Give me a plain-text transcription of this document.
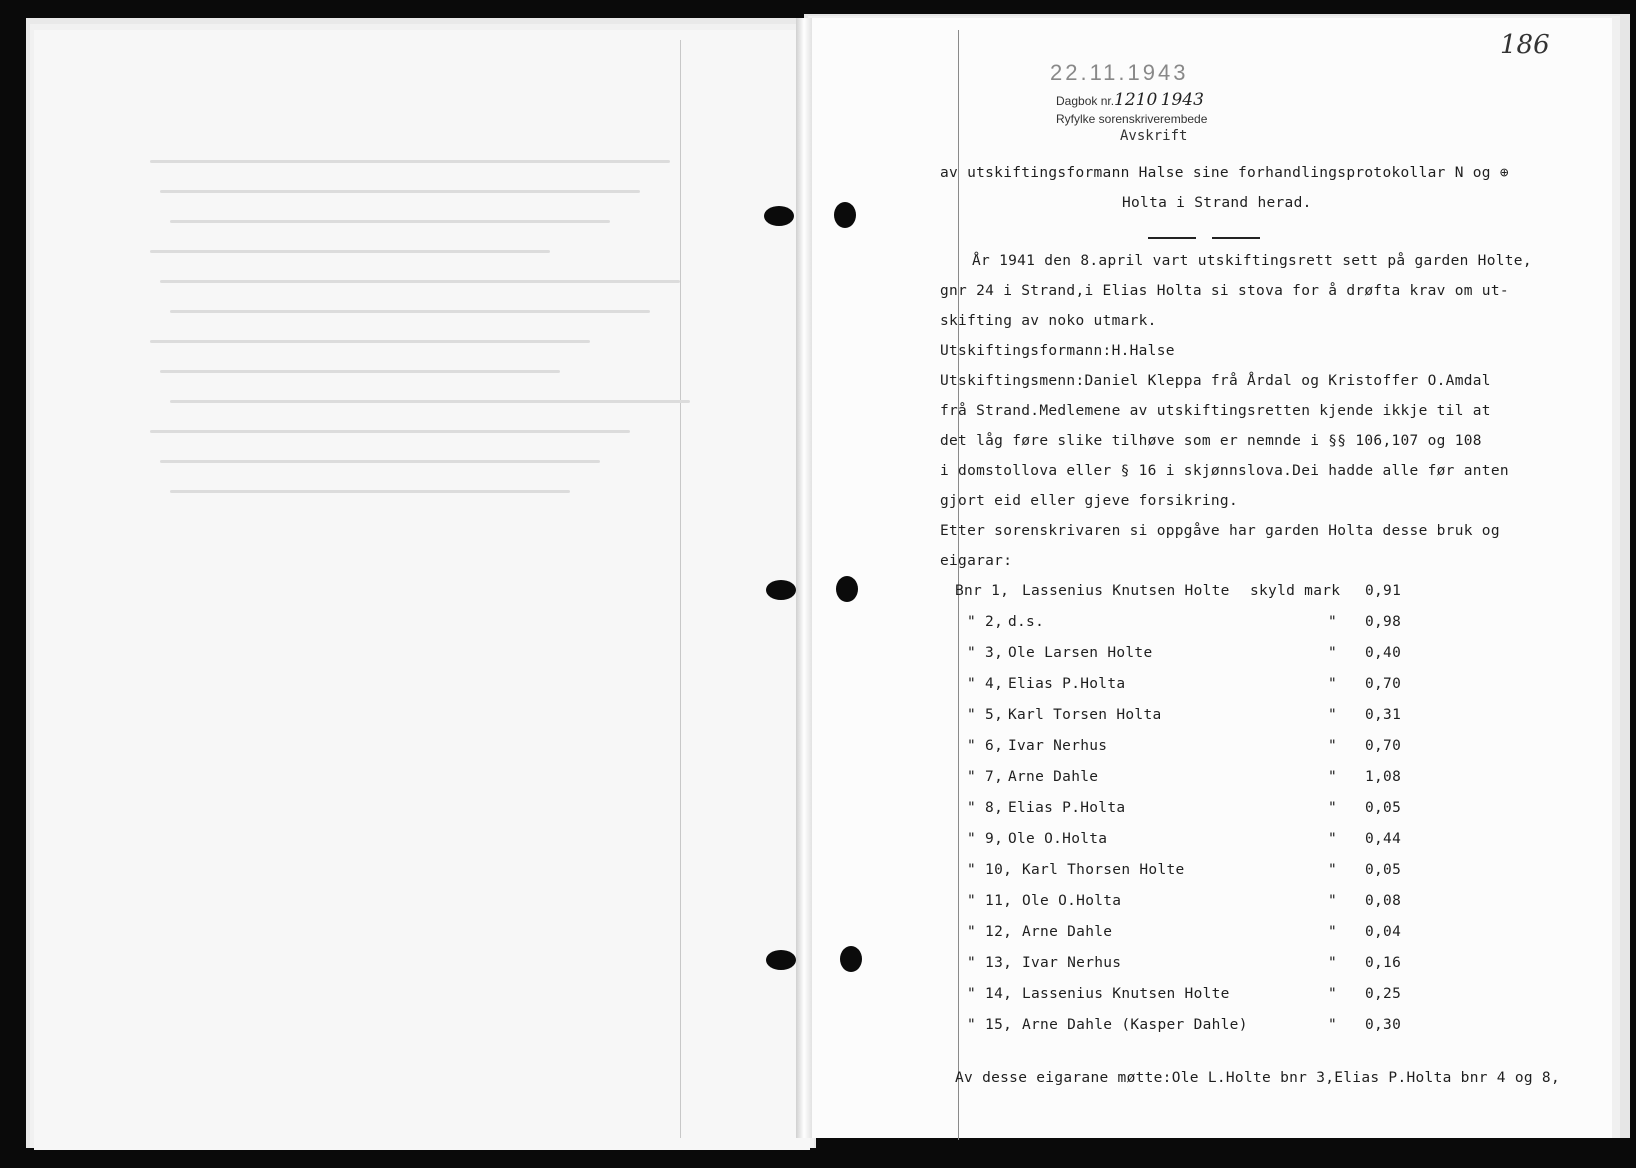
22.11.1943
Dagbok nr.1210 1943
Ryfylke sorenskriverembede
Avskrift
186
av utskiftingsformann Halse sine forhandlingsprotokollar N og ⊕
Holta i Strand herad.
År 1941 den 8.april vart utskiftingsrett sett på garden Holte,
gnr 24 i Strand,i Elias Holta si stova for å drøfta krav om ut-
skifting av noko utmark.
Utskiftingsformann:H.Halse
Utskiftingsmenn:Daniel Kleppa frå Årdal og Kristoffer O.Amdal
frå Strand.Medlemene av utskiftingsretten kjende ikkje til at
det låg føre slike tilhøve som er nemnde i §§ 106,107 og 108
i domstollova eller § 16 i skjønnslova.Dei hadde alle før anten
gjort eid eller gjeve forsikring.
Etter sorenskrivaren si oppgåve har garden Holta desse bruk og
eigarar:
Bnr 1, Lassenius Knutsen Holte skyld mark 0,91
" 2, d.s.	" 0,98
" 3, Ole Larsen Holte	" 0,40
" 4, Elias P.Holta	" 0,70
" 5, Karl Torsen Holta	" 0,31
" 6, Ivar Nerhus	" 0,70
" 7, Arne Dahle	" 1,08
" 8, Elias P.Holta	" 0,05
" 9, Ole O.Holta	" 0,44
" 10, Karl Thorsen Holte	" 0,05
" 11, Ole O.Holta	" 0,08
" 12, Arne Dahle	" 0,04
" 13, Ivar Nerhus	" 0,16
" 14, Lassenius Knutsen Holte	" 0,25
" 15, Arne Dahle (Kasper Dahle)	" 0,30
Av desse eigarane møtte:Ole L.Holte bnr 3,Elias P.Holta bnr 4 og 8,
